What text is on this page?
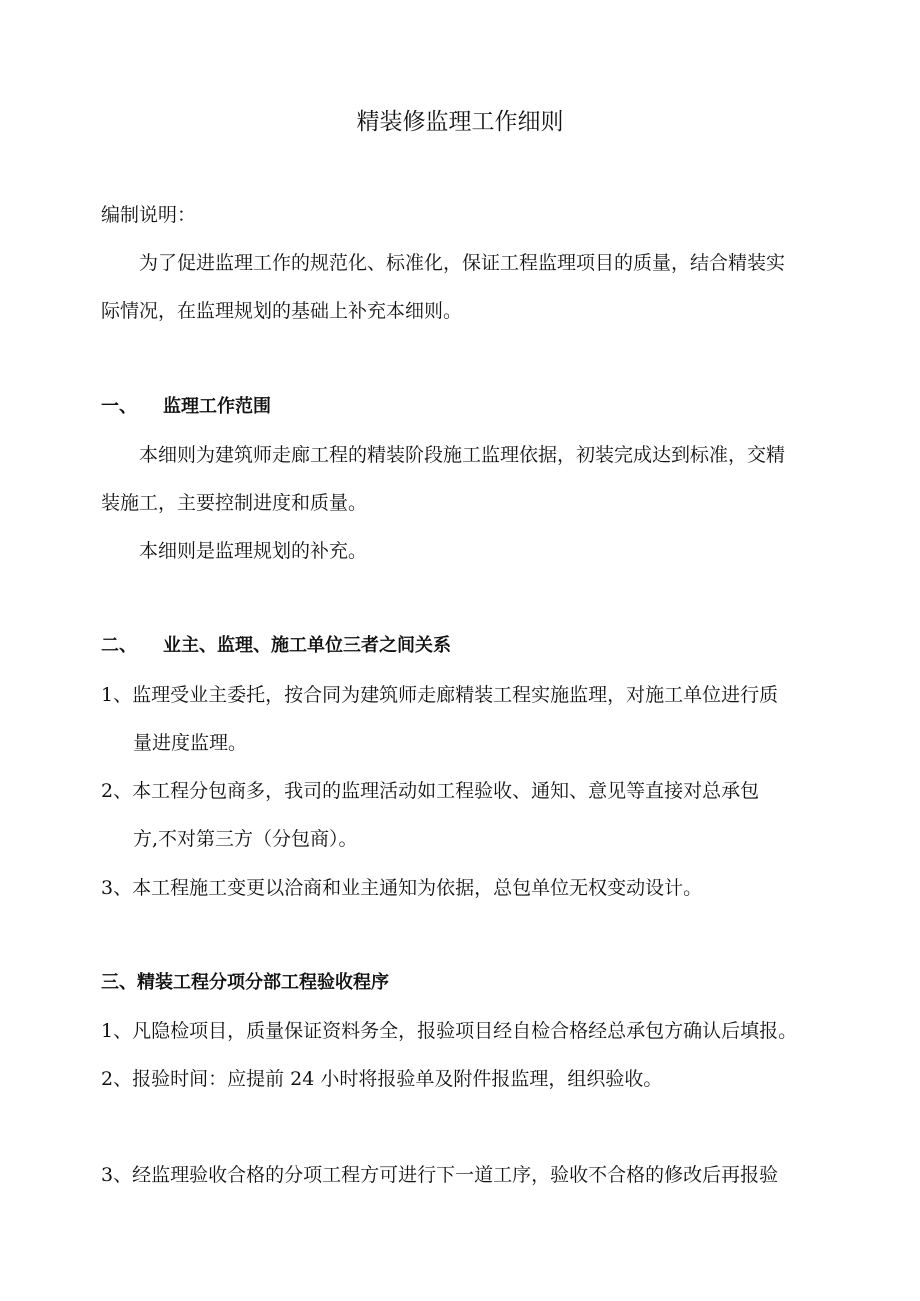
精装修监理工作细则
编制说明：
为了促进监理工作的规范化、标准化，保证工程监理项目的质量，结合精装实
际情况，在监理规划的基础上补充本细则。
一、 监理工作范围
本细则为建筑师走廊工程的精装阶段施工监理依据，初装完成达到标准，交精
装施工，主要控制进度和质量。
本细则是监理规划的补充。
二、 业主、监理、施工单位三者之间关系
1、监理受业主委托，按合同为建筑师走廊精装工程实施监理，对施工单位进行质
量进度监理。
2、本工程分包商多，我司的监理活动如工程验收、通知、意见等直接对总承包
方,不对第三方（分包商）。
3、本工程施工变更以洽商和业主通知为依据，总包单位无权变动设计。
三、精装工程分项分部工程验收程序
1、凡隐检项目，质量保证资料务全，报验项目经自检合格经总承包方确认后填报。
2、报验时间：应提前 24 小时将报验单及附件报监理，组织验收。
3、经监理验收合格的分项工程方可进行下一道工序，验收不合格的修改后再报验
